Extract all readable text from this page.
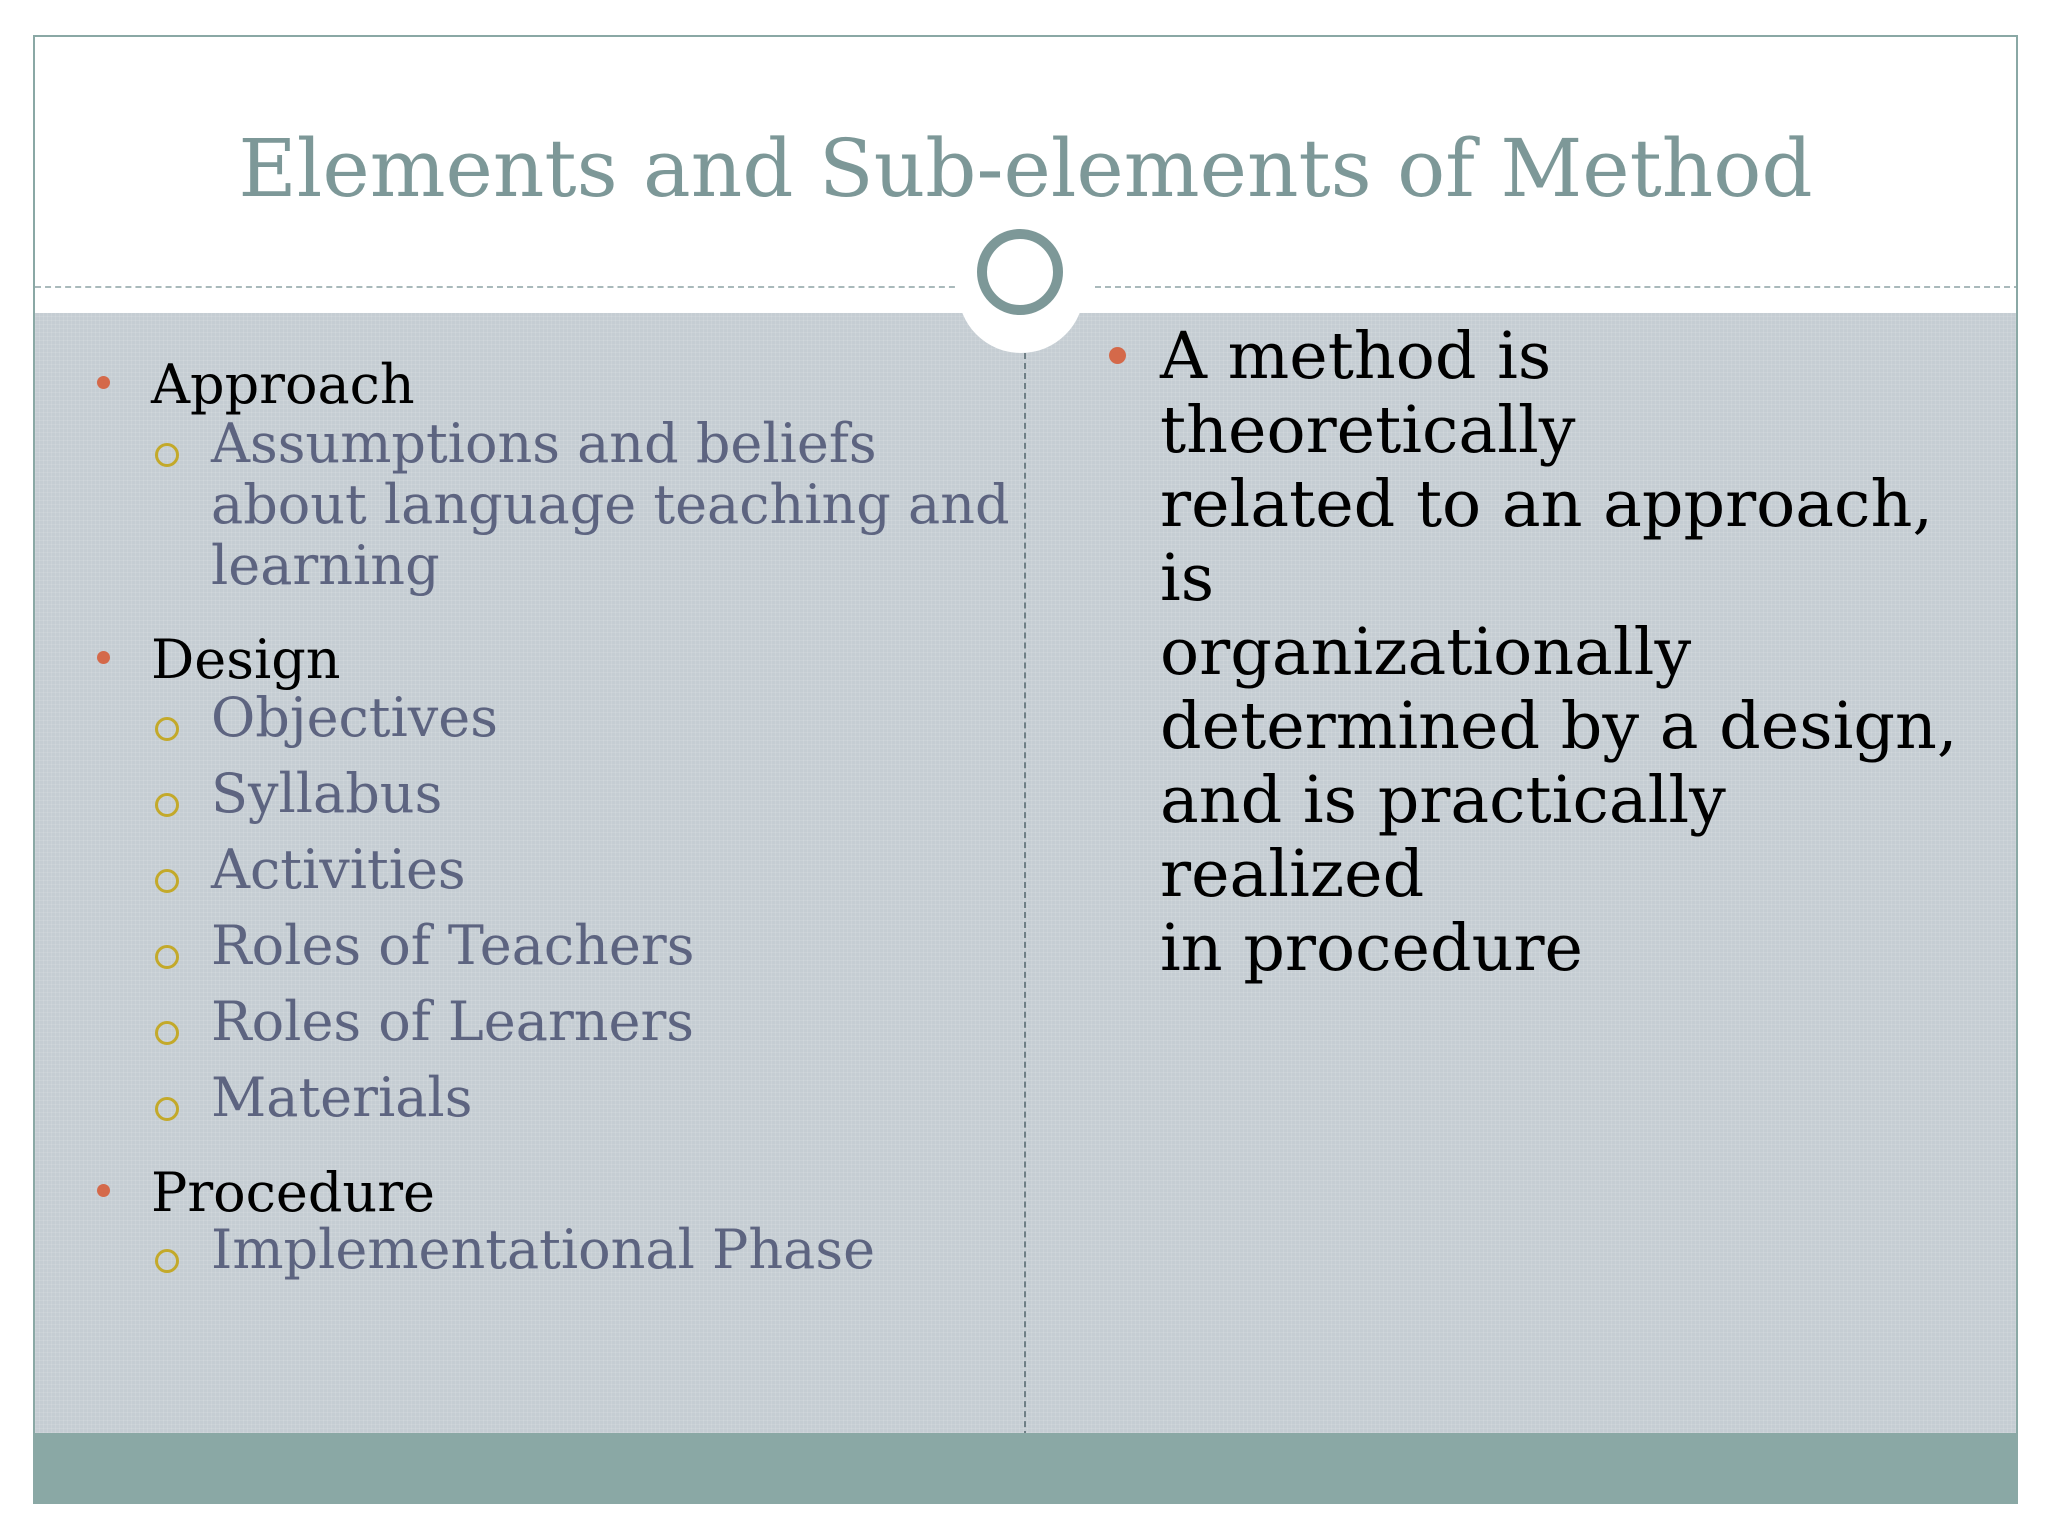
Elements and Sub-elements of Method
Approach
Assumptions and beliefs
about language teaching and
learning
Design
Objectives
Syllabus
Activities
Roles of Teachers
Roles of Learners
Materials
Procedure
Implementational Phase
A method is theoretically
related to an approach, is
organizationally
determined by a design,
and is practically realized
in procedure
